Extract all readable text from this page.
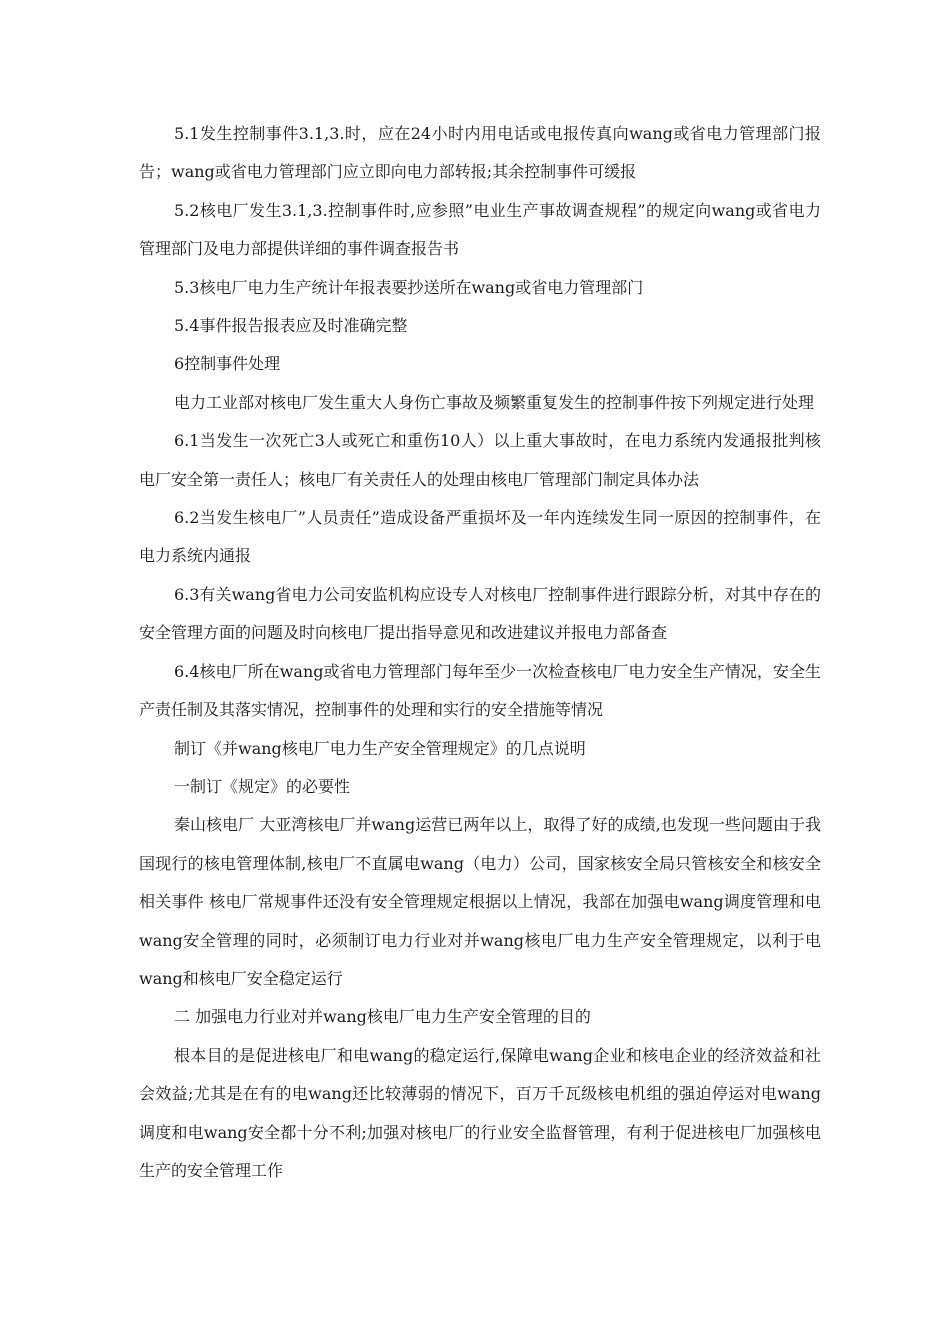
5.1发生控制事件3.1,3.时，应在24小时内用电话或电报传真向wang或省电力管理部门报告；wang或省电力管理部门应立即向电力部转报;其余控制事件可缓报

5.2核电厂发生3.1,3.控制事件时,应参照”电业生产事故调查规程”的规定向wang或省电力管理部门及电力部提供详细的事件调查报告书

5.3核电厂电力生产统计年报表要抄送所在wang或省电力管理部门

5.4事件报告报表应及时准确完整

6控制事件处理

电力工业部对核电厂发生重大人身伤亡事故及频繁重复发生的控制事件按下列规定进行处理

6.1当发生一次死亡3人或死亡和重伤10人）以上重大事故时，在电力系统内发通报批判核电厂安全第一责任人；核电厂有关责任人的处理由核电厂管理部门制定具体办法

6.2当发生核电厂”人员责任”造成设备严重损坏及一年内连续发生同一原因的控制事件，在电力系统内通报

6.3有关wang省电力公司安监机构应设专人对核电厂控制事件进行跟踪分析，对其中存在的安全管理方面的问题及时向核电厂提出指导意见和改进建议并报电力部备查

6.4核电厂所在wang或省电力管理部门每年至少一次检查核电厂电力安全生产情况，安全生产责任制及其落实情况，控制事件的处理和实行的安全措施等情况

制订《并wang核电厂电力生产安全管理规定》的几点说明

一制订《规定》的必要性

秦山核电厂 大亚湾核电厂并wang运营已两年以上，取得了好的成绩,也发现一些问题由于我国现行的核电管理体制,核电厂不直属电wang（电力）公司，国家核安全局只管核安全和核安全相关事件 核电厂常规事件还没有安全管理规定根据以上情况，我部在加强电wang调度管理和电wang安全管理的同时，必须制订电力行业对并wang核电厂电力生产安全管理规定，以利于电wang和核电厂安全稳定运行

二 加强电力行业对并wang核电厂电力生产安全管理的目的

根本目的是促进核电厂和电wang的稳定运行,保障电wang企业和核电企业的经济效益和社会效益;尤其是在有的电wang还比较薄弱的情况下，百万千瓦级核电机组的强迫停运对电wang调度和电wang安全都十分不利;加强对核电厂的行业安全监督管理，有利于促进核电厂加强核电生产的安全管理工作
